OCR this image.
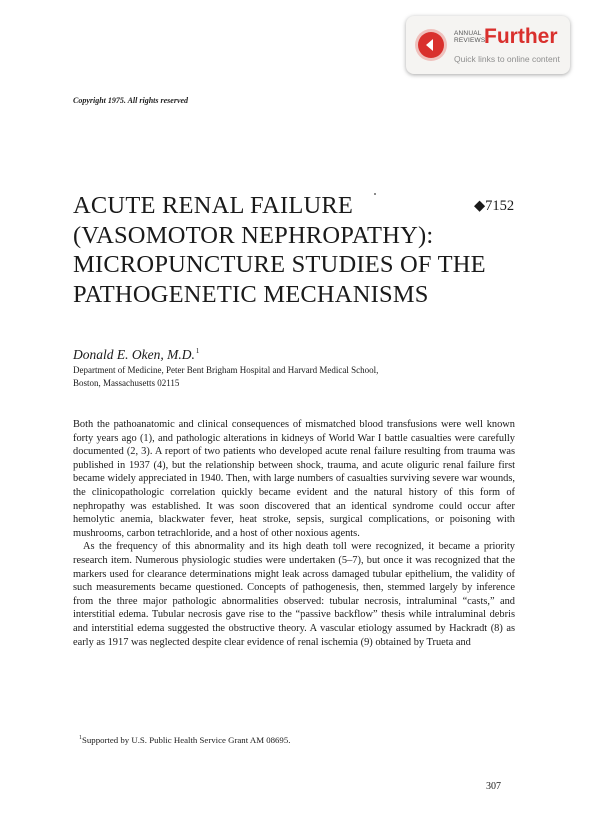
ANNUAL
REVIEWS
Further
Quick links to online content
Copyright 1975. All rights reserved
ACUTE RENAL FAILURE
(VASOMOTOR NEPHROPATHY):
MICROPUNCTURE STUDIES OF THE
PATHOGENETIC MECHANISMS
◆7152
Donald E. Oken, M.D.$^1$
Department of Medicine, Peter Bent Brigham Hospital and Harvard Medical School,
Boston, Massachusetts 02115

Both the pathoanatomic and clinical consequences of mismatched blood transfusions were well known forty years ago (1), and pathologic alterations in kidneys of World War I battle casualties were carefully documented (2, 3). A report of two patients who developed acute renal failure resulting from trauma was published in 1937 (4), but the relationship between shock, trauma, and acute oliguric renal failure first became widely appreciated in 1940. Then, with large numbers of casualties surviving severe war wounds, the clinicopathologic correlation quickly became evident and the natural history of this form of nephropathy was established. It was soon discovered that an identical syndrome could occur after hemolytic anemia, blackwater fever, heat stroke, sepsis, surgical complications, or poisoning with mushrooms, carbon tetrachloride, and a host of other noxious agents.

As the frequency of this abnormality and its high death toll were recognized, it became a priority research item. Numerous physiologic studies were undertaken (5–7), but once it was recognized that the markers used for clearance determinations might leak across damaged tubular epithelium, the validity of such measurements became questioned. Concepts of pathogenesis, then, stemmed largely by inference from the three major pathologic abnormalities observed: tubular necrosis, intraluminal “casts,” and interstitial edema. Tubular necrosis gave rise to the “passive backflow” thesis while intraluminal debris and interstitial edema suggested the obstructive theory. A vascular etiology assumed by Hackradt (8) as early as 1917 was neglected despite clear evidence of renal ischemia (9) obtained by Trueta and

$^1$Supported by U.S. Public Health Service Grant AM 08695.
307
